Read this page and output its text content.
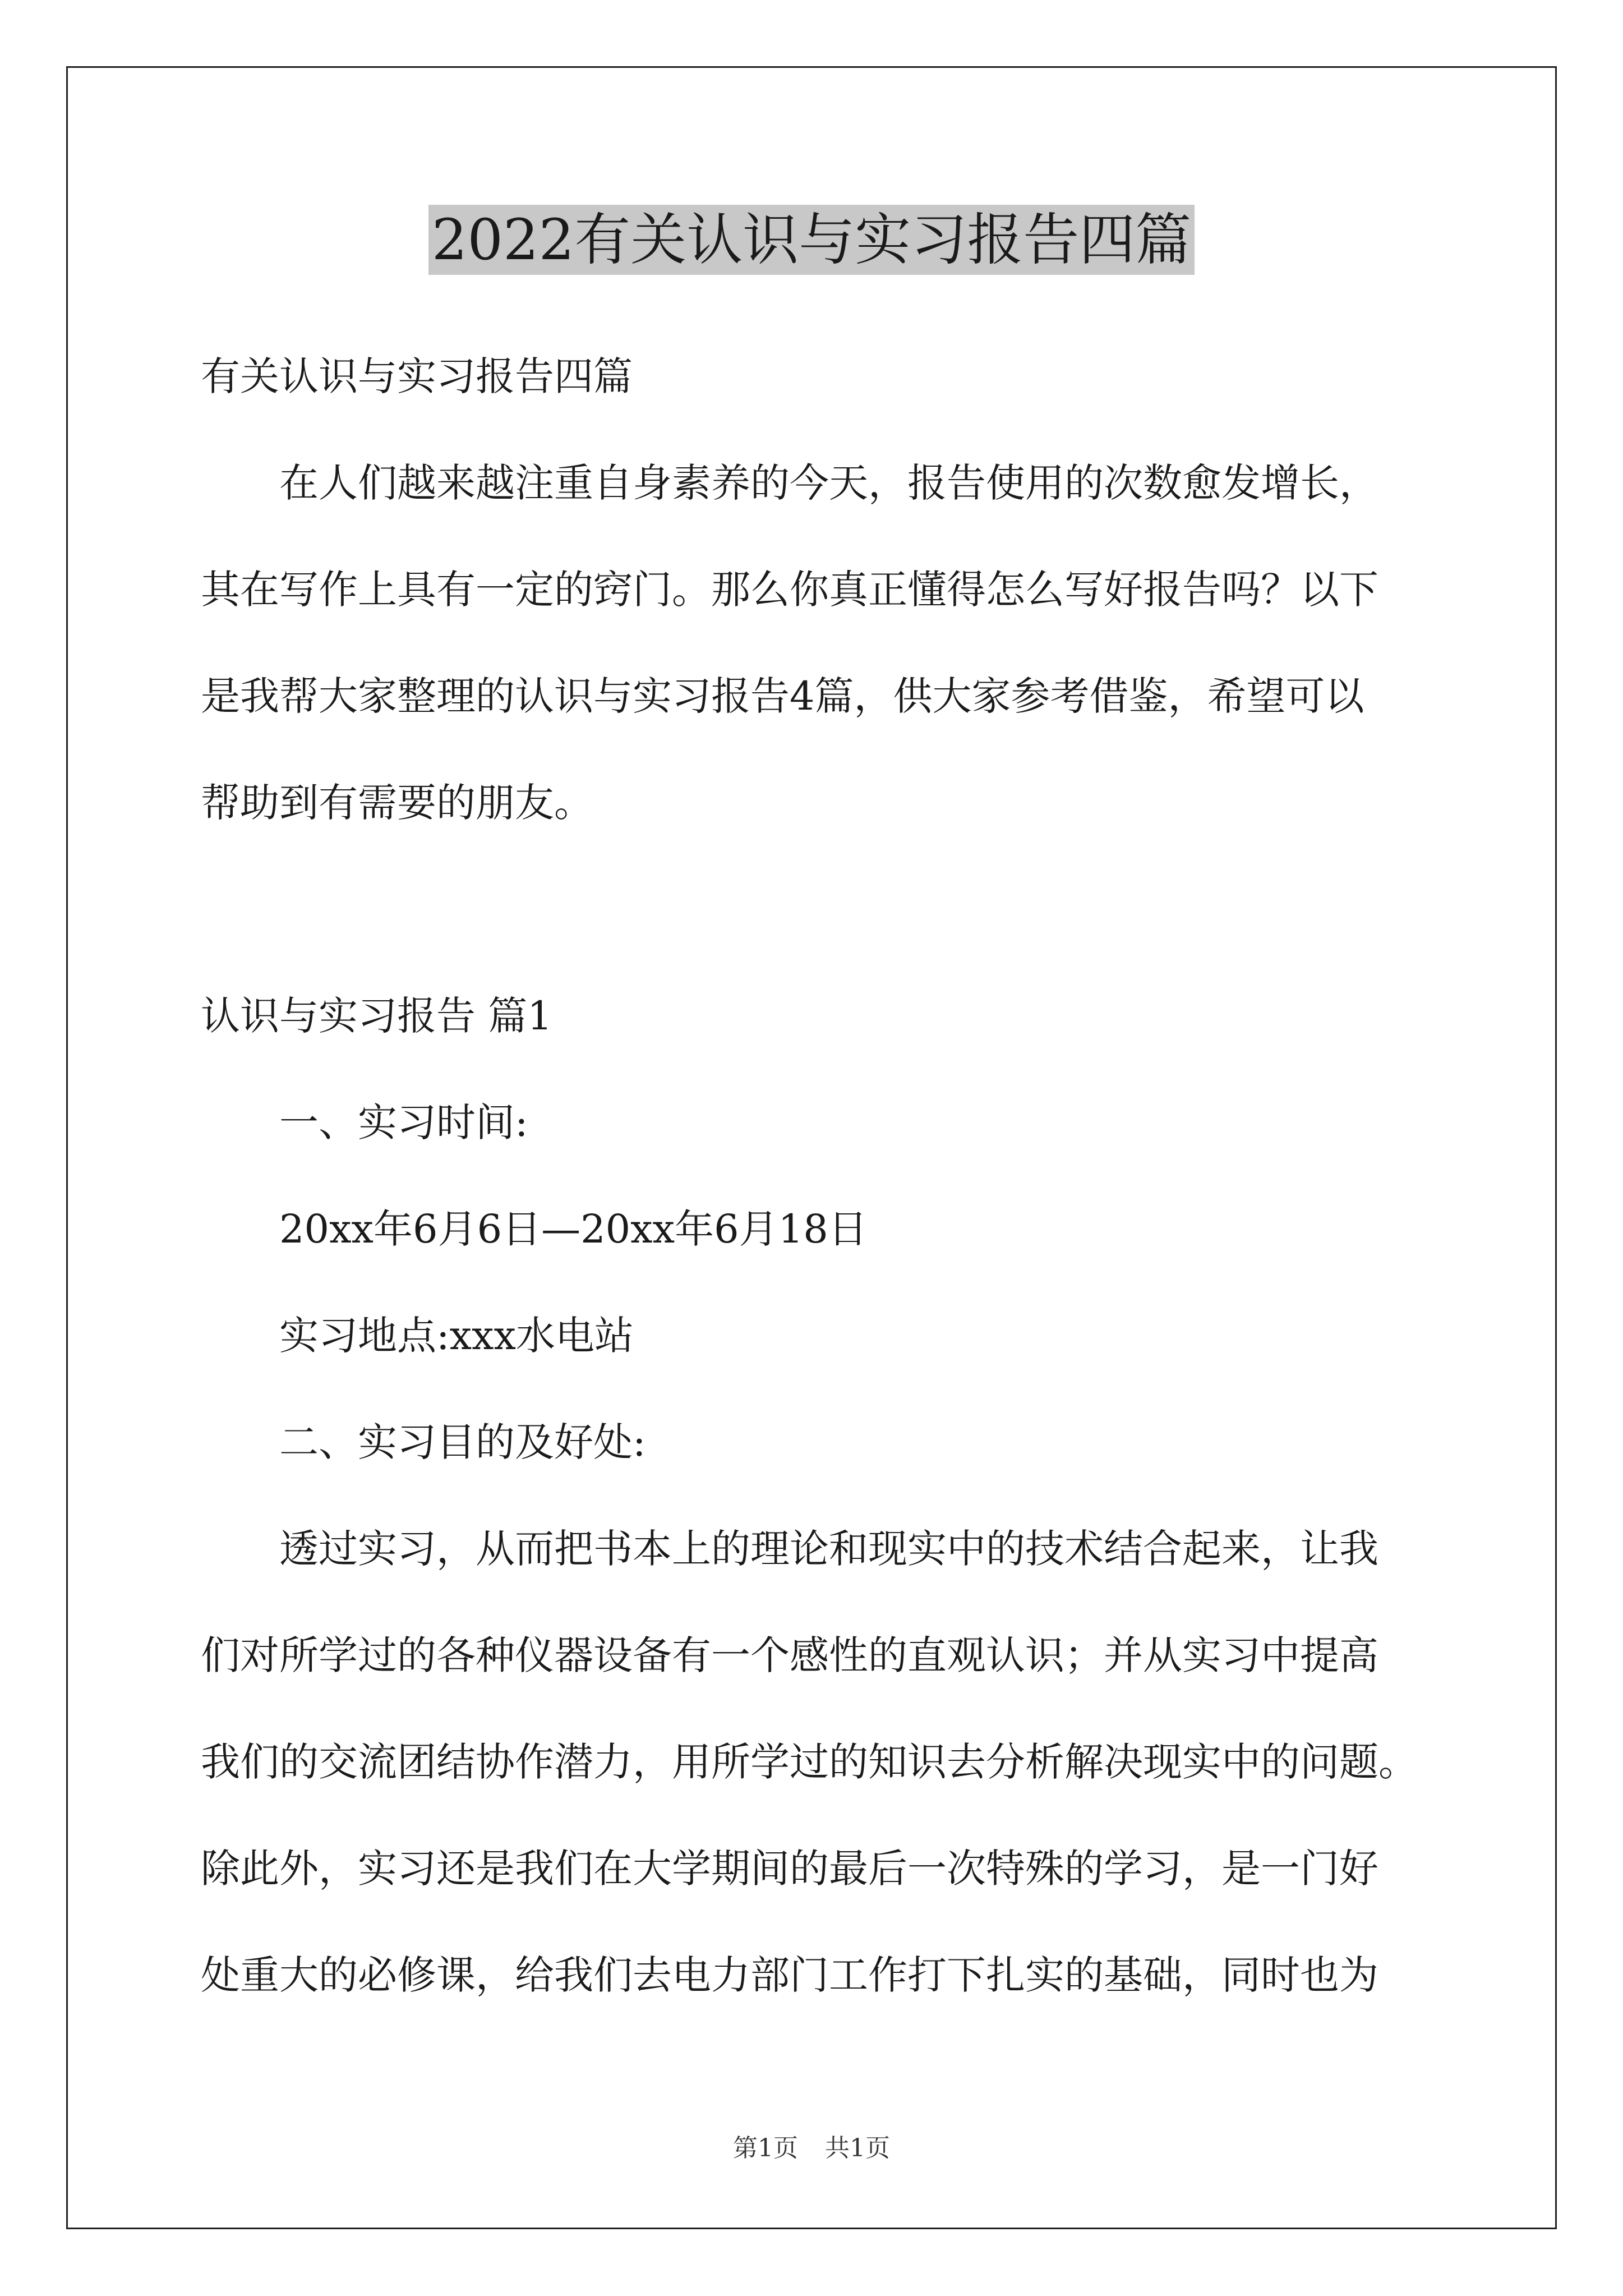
2022有关认识与实习报告四篇

有关认识与实习报告四篇

在人们越来越注重自身素养的今天，报告使用的次数愈发增长，

其在写作上具有一定的窍门。那么你真正懂得怎么写好报告吗？以下

是我帮大家整理的认识与实习报告4篇，供大家参考借鉴，希望可以

帮助到有需要的朋友。

认识与实习报告 篇1

一、实习时间:

20xx年6月6日—20xx年6月18日

实习地点:xxx水电站

二、实习目的及好处:

透过实习，从而把书本上的理论和现实中的技术结合起来，让我

们对所学过的各种仪器设备有一个感性的直观认识；并从实习中提高

我们的交流团结协作潜力，用所学过的知识去分析解决现实中的问题。

除此外，实习还是我们在大学期间的最后一次特殊的学习，是一门好

处重大的必修课，给我们去电力部门工作打下扎实的基础，同时也为

第1页 共1页
